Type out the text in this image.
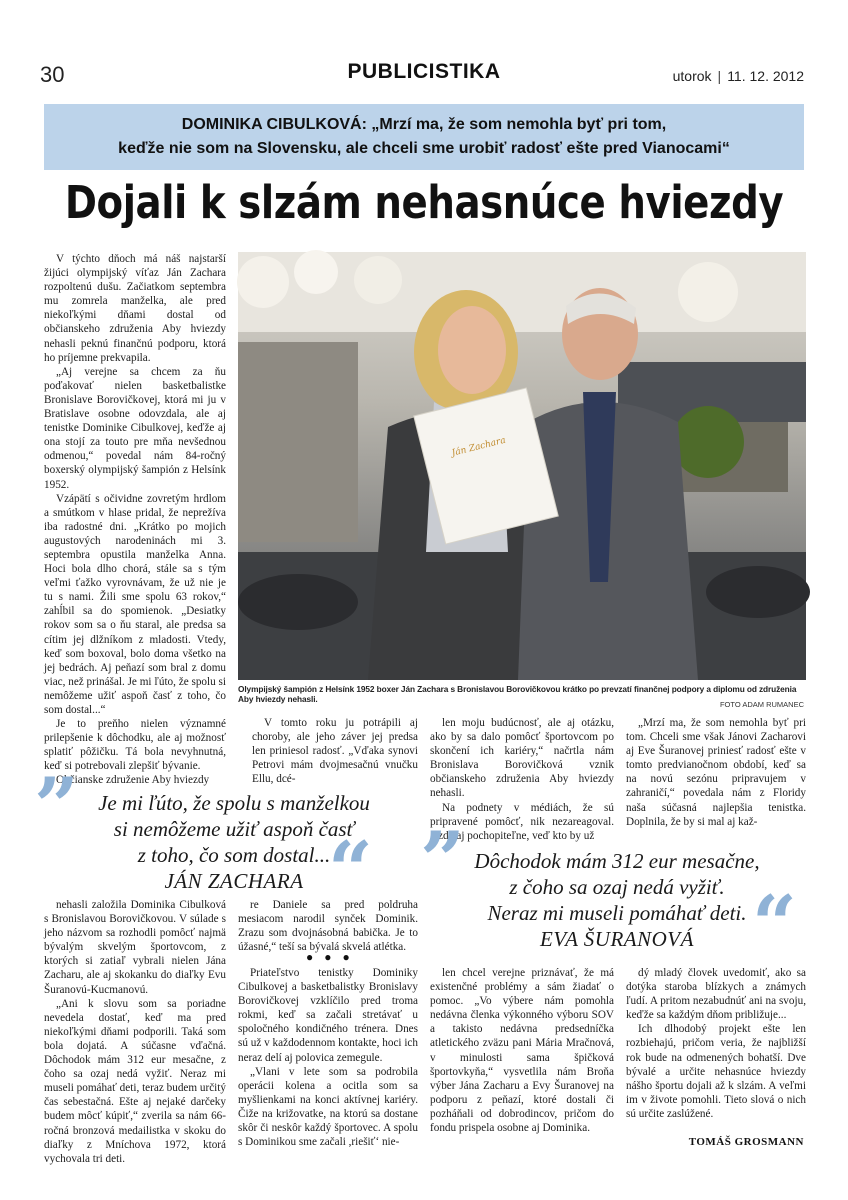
30	PUBLICISTIKA	utorok | 11. 12. 2012
DOMINIKA CIBULKOVÁ: „Mrzí ma, že som nemohla byť pri tom,
keďže nie som na Slovensku, ale chceli sme urobiť radosť ešte pred Vianocami“
Dojali k slzám nehasnúce hviezdy

V týchto dňoch má náš najstarší žijúci olympijský víťaz Ján Zachara rozpoltenú dušu. Začiatkom septembra mu zomrela manželka, ale pred niekoľkými dňami dostal od občianskeho združenia Aby hviezdy nehasli peknú finančnú podporu, ktorá ho príjemne prekvapila.

„Aj verejne sa chcem za ňu poďakovať nielen basketbalistke Bronislave Borovičkovej, ktorá mi ju v Bratislave osobne odovzdala, ale aj tenistke Dominike Cibulkovej, keďže aj ona stojí za touto pre mňa nevšednou odmenou,“ povedal nám 84-ročný boxerský olympijský šampión z Helsínk 1952.

Vzápätí s očividne zovretým hrdlom a smútkom v hlase pridal, že neprežíva iba radostné dni. „Krátko po mojich augustových narodeninách mi 3. septembra opustila manželka Anna. Hoci bola dlho chorá, stále sa s tým veľmi ťažko vyrovnávam, že už nie je tu s nami. Žili sme spolu 63 rokov,“ zahĺbil sa do spomienok. „Desiatky rokov som sa o ňu staral, ale predsa sa cítim jej dlžníkom z mladosti. Vtedy, keď som boxoval, bolo doma všetko na jej bedrách. Aj peňazí som bral z domu viac, než prinášal. Je mi ľúto, že spolu si nemôžeme užiť aspoň časť z toho, čo som dostal...“

Je to preňho nielen významné prilepšenie k dôchodku, ale aj možnosť splatiť pôžičku. Tá bola nevyhnutná, keď si potrebovali zlepšiť bývanie.

Občianske združenie Aby hviezdy

Ján Zachara
Olympijský šampión z Helsínk 1952 boxer Ján Zachara s Bronislavou Borovičkovou krátko po prevzatí finančnej podpory a diplomu od združenia Aby hviezdy nehasli.
FOTO ADAM RUMANEC

V tomto roku ju potrápili aj choroby, ale jeho záver jej predsa len priniesol radosť. „Vďaka synovi Petrovi mám dvojmesačnú vnučku Ellu, dcé-

len moju budúcnosť, ale aj otázku, ako by sa dalo pomôcť športovcom po skončení ich kariéry,“ načrtla nám Bronislava Borovičková vznik občianskeho združenia Aby hviezdy nehasli.

Na podnety v médiách, že sú pripravené pomôcť, nik nezareagoval. Azda aj pochopiteľne, veď kto by už

„Mrzí ma, že som nemohla byť pri tom. Chceli sme však Jánovi Zacharovi aj Eve Šuranovej priniesť radosť ešte v tomto predvianočnom období, keď sa na novú sezónu pripravujem v zahraničí,“ povedala nám z Floridy naša súčasná najlepšia tenistka. Doplnila, že by si mal aj kaž-

” Je mi ľúto, že spolu s manželkou
si nemôžeme užiť aspoň časť
z toho, čo som dostal...
JÁN ZACHARA “ ” Dôchodok mám 312 eur mesačne,
z čoho sa ozaj nedá vyžiť.
Neraz mi museli pomáhať deti.
EVA ŠURANOVÁ “

nehasli založila Dominika Cibulková s Bronislavou Borovičkovou. V súlade s jeho názvom sa rozhodli pomôcť najmä bývalým skvelým športovcom, z ktorých si zatiaľ vybrali nielen Jána Zacharu, ale aj skokanku do diaľky Evu Šuranovú-Kucmanovú.

„Ani k slovu som sa poriadne nevedela dostať, keď ma pred niekoľkými dňami podporili. Taká som bola dojatá. A súčasne vďačná. Dôchodok mám 312 eur mesačne, z čoho sa ozaj nedá vyžiť. Neraz mi museli pomáhať deti, teraz budem určitý čas sebestačná. Ešte aj nejaké darčeky budem môcť kúpiť,“ zverila sa nám 66-ročná bronzová medailistka v skoku do diaľky z Mníchova 1972, ktorá vychovala tri deti.

re Daniele sa pred poldruha mesiacom narodil synček Dominik. Zrazu som dvojnásobná babička. Je to úžasné,“ teší sa bývalá skvelá atlétka.

● ● ●

Priateľstvo tenistky Dominiky Cibulkovej a basketbalistky Bronislavy Borovičkovej vzklíčilo pred troma rokmi, keď sa začali stretávať u spoločného kondičného trénera. Dnes sú už v každodennom kontakte, hoci ich neraz delí aj polovica zemegule.

„Vlani v lete som sa podrobila operácii kolena a ocitla som sa myšlienkami na konci aktívnej kariéry. Čiže na križovatke, na ktorú sa dostane skôr či neskôr každý športovec. A spolu s Dominikou sme začali ,riešiť‘ nie-

len chcel verejne priznávať, že má existenčné problémy a sám žiadať o pomoc. „Vo výbere nám pomohla nedávna členka výkonného výboru SOV a takisto nedávna predsedníčka atletického zväzu pani Mária Mračnová, v minulosti sama špičková športovkyňa,“ vysvetlila nám Broňa výber Jána Zacharu a Evy Šuranovej na podporu z peňazí, ktoré dostali či pozháňali od dobrodincov, pričom do fondu prispela osobne aj Dominika.

dý mladý človek uvedomiť, ako sa dotýka staroba blízkych a známych ľudí. A pritom nezabudnúť ani na svoju, keďže sa každým dňom približuje...

Ich dlhodobý projekt ešte len rozbiehajú, pričom veria, že najbližší rok bude na odmenených bohatší. Dve bývalé a určite nehasnúce hviezdy nášho športu dojali až k slzám. A veľmi im v živote pomohli. Tieto slová o nich sú určite zaslúžené.

TOMÁŠ GROSMANN
